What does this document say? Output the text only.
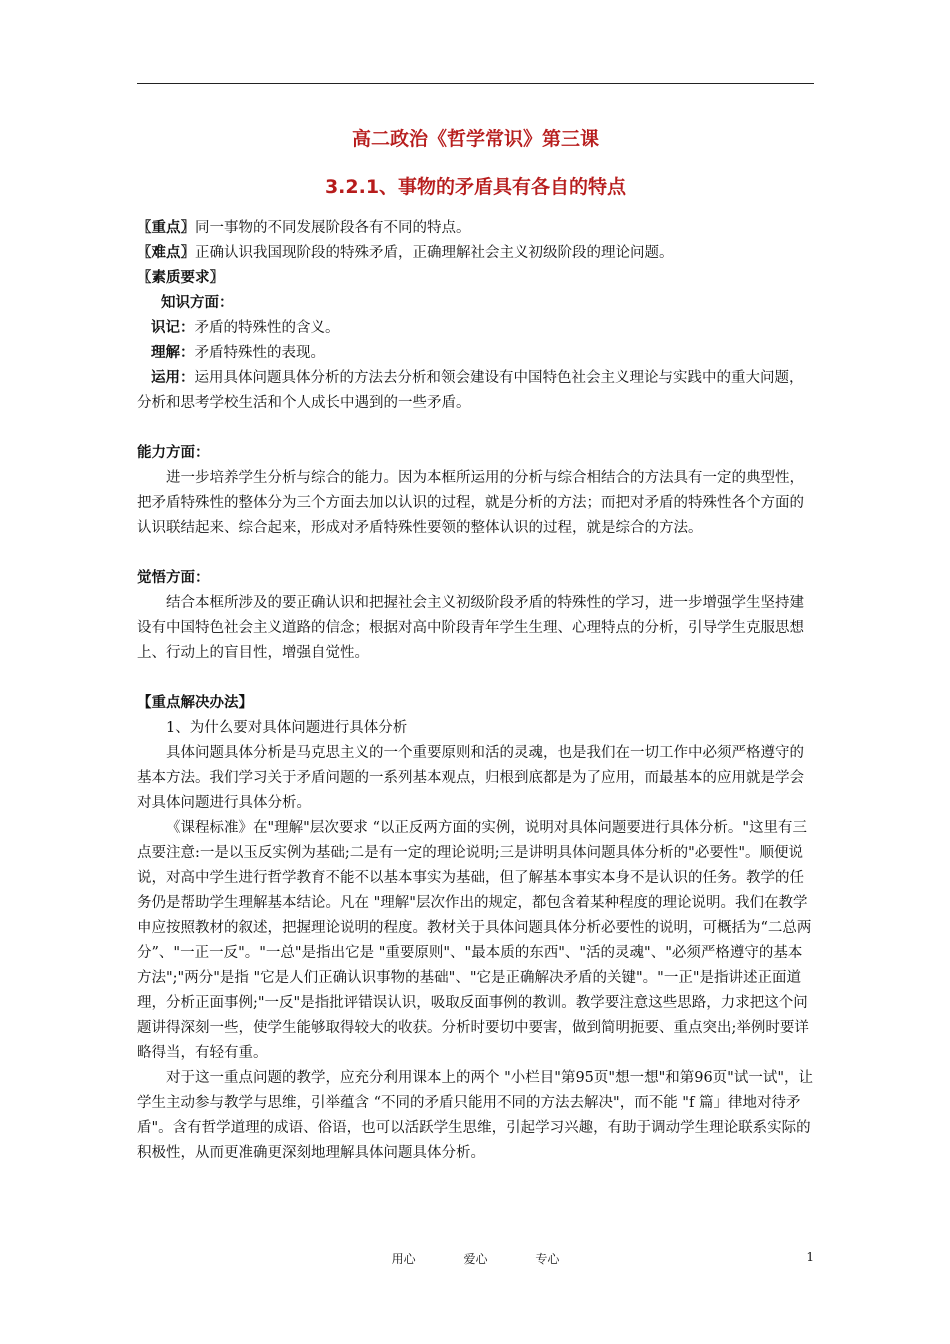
高二政治《哲学常识》第三课
3.2.1、事物的矛盾具有各自的特点

〖重点〗同一事物的不同发展阶段各有不同的特点。

〖难点〗正确认识我国现阶段的特殊矛盾，正确理解社会主义初级阶段的理论问题。

〖素质要求〗

知识方面：

识记：矛盾的特殊性的含义。

理解：矛盾特殊性的表现。

运用：运用具体问题具体分析的方法去分析和领会建设有中国特色社会主义理论与实践中的重大问题，分析和思考学校生活和个人成长中遇到的一些矛盾。

能力方面：

进一步培养学生分析与综合的能力。因为本框所运用的分析与综合相结合的方法具有一定的典型性，把矛盾特殊性的整体分为三个方面去加以认识的过程，就是分析的方法；而把对矛盾的特殊性各个方面的认识联结起来、综合起来，形成对矛盾特殊性要领的整体认识的过程，就是综合的方法。

觉悟方面：

结合本框所涉及的要正确认识和把握社会主义初级阶段矛盾的特殊性的学习，进一步增强学生坚持建设有中国特色社会主义道路的信念；根据对高中阶段青年学生生理、心理特点的分析，引导学生克服思想上、行动上的盲目性，增强自觉性。

【重点解决办法】

1、为什么要对具体问题进行具体分析

具体问题具体分析是马克思主义的一个重要原则和活的灵魂，也是我们在一切工作中必须严格遵守的基本方法。我们学习关于矛盾问题的一系列基本观点，归根到底都是为了应用，而最基本的应用就是学会对具体问题进行具体分析。

《课程标准》在"理解"层次要求 “以正反两方面的实例，说明对具体问题要进行具体分析。"这里有三点要注意:一是以玉反实例为基础;二是有一定的理论说明;三是讲明具体问题具体分析的"必要性"。顺便说说，对高中学生进行哲学教育不能不以基本事实为基础，但了解基本事实本身不是认识的任务。教学的任务仍是帮助学生理解基本结论。凡在 "理解"层次作出的规定，都包含着某种程度的理论说明。我们在教学申应按照教材的叙述，把握理论说明的程度。教材关于具体问题具体分析必要性的说明，可概括为“二总两分”、"一正一反"。"一总"是指出它是 "重要原则"、"最本质的东西"、"活的灵魂"、"必须严格遵守的基本方法";"两分"是指 "它是人们正确认识事物的基础"、"它是正确解决矛盾的关键"。"一正"是指讲述正面道理，分析正面事例;"一反"是指批评错误认识，吸取反面事例的教训。教学要注意这些思路，力求把这个问题讲得深刻一些，使学生能够取得较大的收获。分析时要切中要害，做到简明扼要、重点突出;举例时要详略得当，有轻有重。

对于这一重点问题的教学，应充分利用课本上的两个 "小栏目"第95页"想一想"和第96页"试一试"，让学生主动参与教学与思维，引举蕴含 “不同的矛盾只能用不同的方法去解决"，而不能 "f 篇」律地对待矛盾"。含有哲学道理的成语、俗语，也可以活跃学生思维，引起学习兴趣，有助于调动学生理论联系实际的积极性，从而更准确更深刻地理解具体问题具体分析。

用心	爱心	专心	1
